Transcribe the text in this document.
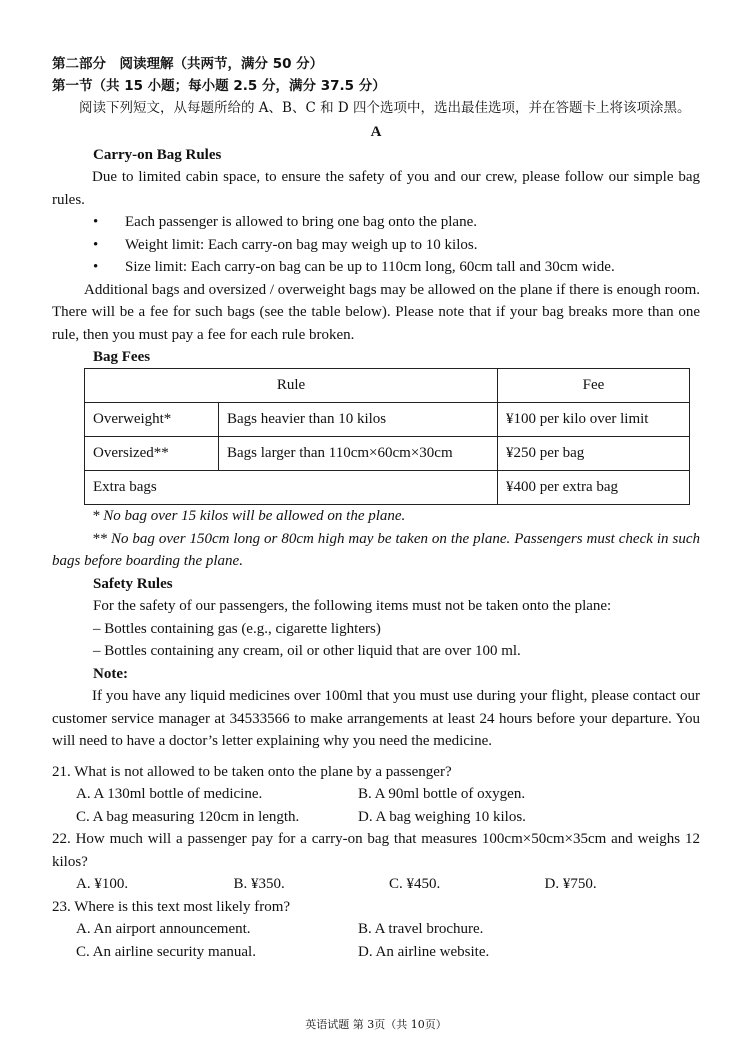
第二部分　阅读理解（共两节，满分 50 分）
第一节（共 15 小题；每小题 2.5 分，满分 37.5 分）
阅读下列短文，从每题所给的 A、B、C 和 D 四个选项中，选出最佳选项，并在答题卡上将该项涂黑。
A
Carry-on Bag Rules

Due to limited cabin space, to ensure the safety of you and our crew, please follow our simple bag rules.

•	Each passenger is allowed to bring one bag onto the plane.
•	Weight limit: Each carry-on bag may weigh up to 10 kilos.
•	Size limit: Each carry-on bag can be up to 110cm long, 60cm tall and 30cm wide.

Additional bags and oversized / overweight bags may be allowed on the plane if there is enough room. There will be a fee for such bags (see the table below). Please note that if your bag breaks more than one rule, then you must pay a fee for each rule broken.

Bag Fees
Rule		Fee
Overweight*	Bags heavier than 10 kilos	¥100 per kilo over limit
Oversized**	Bags larger than 110cm×60cm×30cm	¥250 per bag
Extra bags		¥400 per extra bag
* No bag over 15 kilos will be allowed on the plane.

** No bag over 150cm long or 80cm high may be taken on the plane. Passengers must check in such bags before boarding the plane.

Safety Rules
For the safety of our passengers, the following items must not be taken onto the plane:
– Bottles containing gas (e.g., cigarette lighters)
– Bottles containing any cream, oil or other liquid that are over 100 ml.
Note:

If you have any liquid medicines over 100ml that you must use during your flight, please contact our customer service manager at 34533566 to make arrangements at least 24 hours before your departure. You will need to have a doctor’s letter explaining why you need the medicine.

21. What is not allowed to be taken onto the plane by a passenger?
A. A 130ml bottle of medicine.	B. A 90ml bottle of oxygen.
C. A bag measuring 120cm in length.	D. A bag weighing 10 kilos.
22. How much will a passenger pay for a carry-on bag that measures 100cm×50cm×35cm and weighs 12 kilos?
A. ¥100.	B. ¥350.	C. ¥450.	D. ¥750.
23. Where is this text most likely from?
A. An airport announcement.	B. A travel brochure.
C. An airline security manual.	D. An airline website.
英语试题 第 3页（共 10页）
